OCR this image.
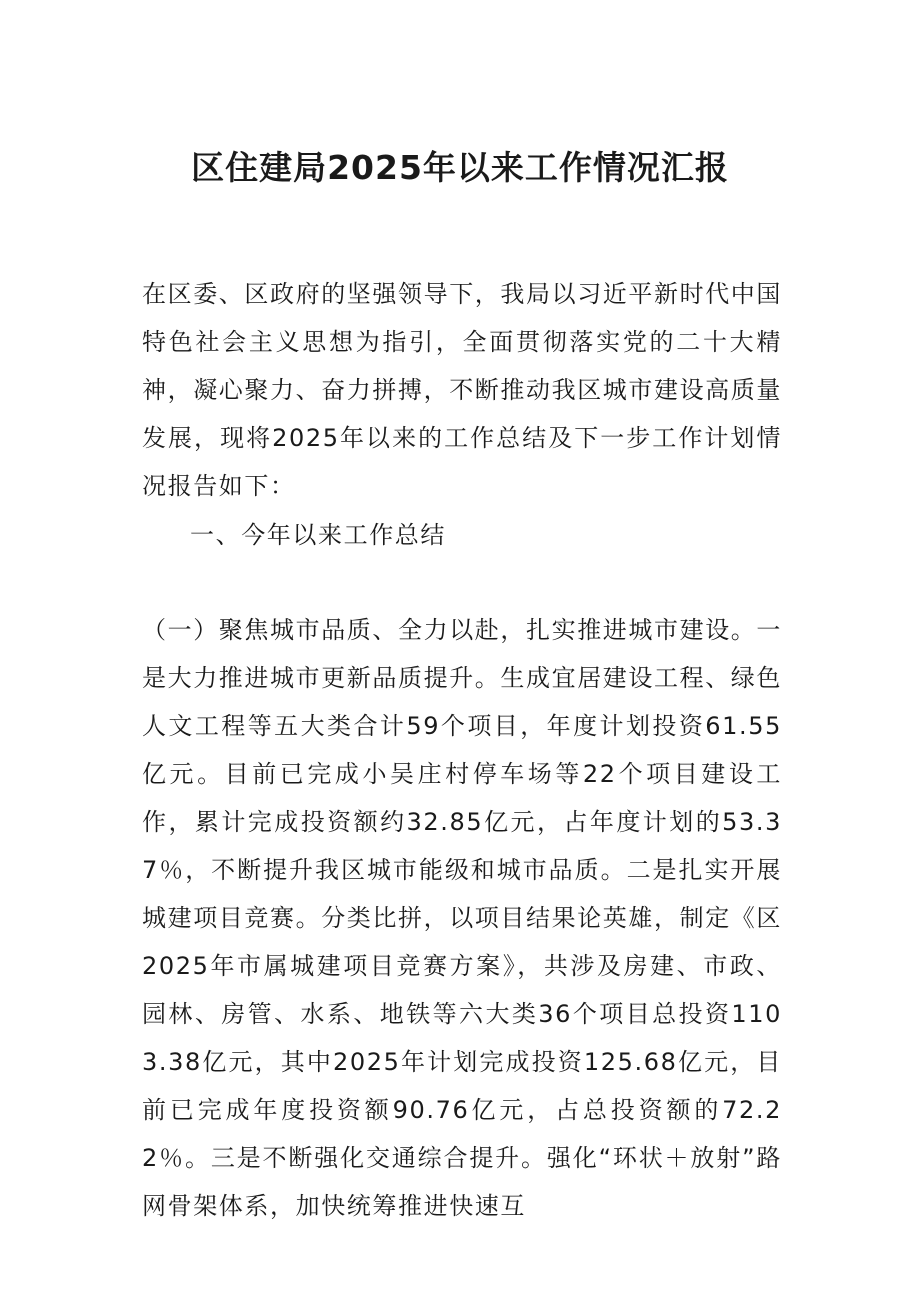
区住建局2025年以来工作情况汇报

在区委、区政府的坚强领导下，我局以习近平新时代中国特色社会主义思想为指引，全面贯彻落实党的二十大精神，凝心聚力、奋力拼搏，不断推动我区城市建设高质量发展，现将2025年以来的工作总结及下一步工作计划情况报告如下：

一、今年以来工作总结

（一）聚焦城市品质、全力以赴，扎实推进城市建设。一是大力推进城市更新品质提升。生成宜居建设工程、绿色人文工程等五大类合计59个项目，年度计划投资61.55亿元。目前已完成小吴庄村停车场等22个项目建设工作，累计完成投资额约32.85亿元，占年度计划的53.37％，不断提升我区城市能级和城市品质。二是扎实开展城建项目竞赛。分类比拼，以项目结果论英雄，制定《区2025年市属城建项目竞赛方案》，共涉及房建、市政、园林、房管、水系、地铁等六大类36个项目总投资1103.38亿元，其中2025年计划完成投资125.68亿元，目前已完成年度投资额90.76亿元，占总投资额的72.22％。三是不断强化交通综合提升。强化“环状＋放射”路网骨架体系，加快统筹推进快速互
